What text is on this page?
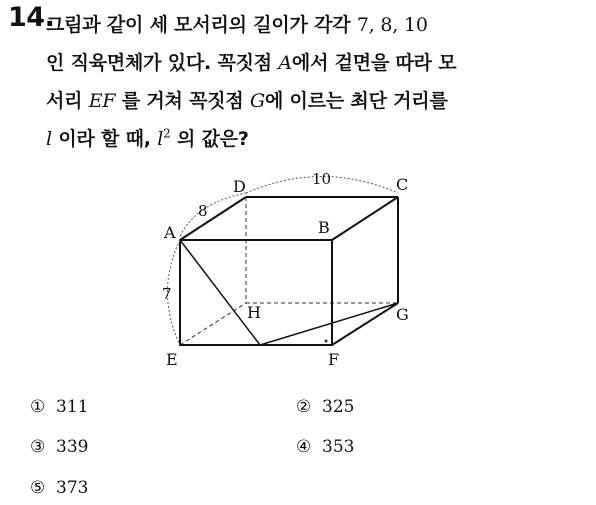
14.
그림과 같이 세 모서리의 길이가 각각 7, 8, 10
인 직육면체가 있다. 꼭짓점 A에서 겉면을 따라 모
서리 EF 를 거쳐 꼭짓점 G에 이르는 최단 거리를
l 이라 할 때, $l^2$ 의 값은?
A	B
C
D
E	F
G
H
10
8
7
① 311	② 325
③ 339	④ 353
⑤ 373
